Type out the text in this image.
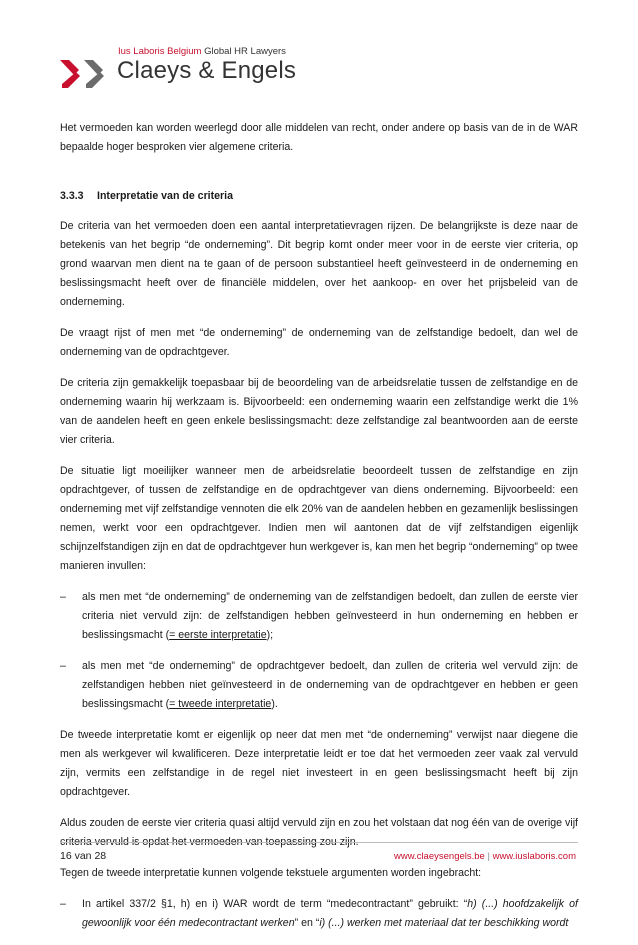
Ius Laboris Belgium Global HR Lawyers
Claeys & Engels

Het vermoeden kan worden weerlegd door alle middelen van recht, onder andere op basis van de in de WAR bepaalde hoger besproken vier algemene criteria.

3.3.3 Interpretatie van de criteria

De criteria van het vermoeden doen een aantal interpretatievragen rijzen. De belangrijkste is deze naar de betekenis van het begrip “de onderneming”. Dit begrip komt onder meer voor in de eerste vier criteria, op grond waarvan men dient na te gaan of de persoon substantieel heeft geïnvesteerd in de onderneming en beslissingsmacht heeft over de financiële middelen, over het aankoop- en over het prijsbeleid van de onderneming.

De vraagt rijst of men met “de onderneming” de onderneming van de zelfstandige bedoelt, dan wel de onderneming van de opdrachtgever.

De criteria zijn gemakkelijk toepasbaar bij de beoordeling van de arbeidsrelatie tussen de zelfstandige en de onderneming waarin hij werkzaam is. Bijvoorbeeld: een onderneming waarin een zelfstandige werkt die 1% van de aandelen heeft en geen enkele beslissingsmacht: deze zelfstandige zal beantwoorden aan de eerste vier criteria.

De situatie ligt moeilijker wanneer men de arbeidsrelatie beoordeelt tussen de zelfstandige en zijn opdrachtgever, of tussen de zelfstandige en de opdrachtgever van diens onderneming. Bijvoorbeeld: een onderneming met vijf zelfstandige vennoten die elk 20% van de aandelen hebben en gezamenlijk beslissingen nemen, werkt voor een opdrachtgever. Indien men wil aantonen dat de vijf zelfstandigen eigenlijk schijnzelfstandigen zijn en dat de opdrachtgever hun werkgever is, kan men het begrip “onderneming” op twee manieren invullen:

– als men met “de onderneming” de onderneming van de zelfstandigen bedoelt, dan zullen de eerste vier criteria niet vervuld zijn: de zelfstandigen hebben geïnvesteerd in hun onderneming en hebben er beslissingsmacht (= eerste interpretatie);
– als men met “de onderneming” de opdrachtgever bedoelt, dan zullen de criteria wel vervuld zijn: de zelfstandigen hebben niet geïnvesteerd in de onderneming van de opdrachtgever en hebben er geen beslissingsmacht (= tweede interpretatie).

De tweede interpretatie komt er eigenlijk op neer dat men met “de onderneming” verwijst naar diegene die men als werkgever wil kwalificeren. Deze interpretatie leidt er toe dat het vermoeden zeer vaak zal vervuld zijn, vermits een zelfstandige in de regel niet investeert in en geen beslissingsmacht heeft bij zijn opdrachtgever.

Aldus zouden de eerste vier criteria quasi altijd vervuld zijn en zou het volstaan dat nog één van de overige vijf criteria vervuld is opdat het vermoeden van toepassing zou zijn.

Tegen de tweede interpretatie kunnen volgende tekstuele argumenten worden ingebracht:

– In artikel 337/2 §1, h) en i) WAR wordt de term “medecontractant” gebruikt: “h) (...) hoofdzakelijk of gewoonlijk voor één medecontractant werken” en “i) (...) werken met materiaal dat ter beschikking wordt
16 van 28	www.claeysengels.be | www.iuslaboris.com
